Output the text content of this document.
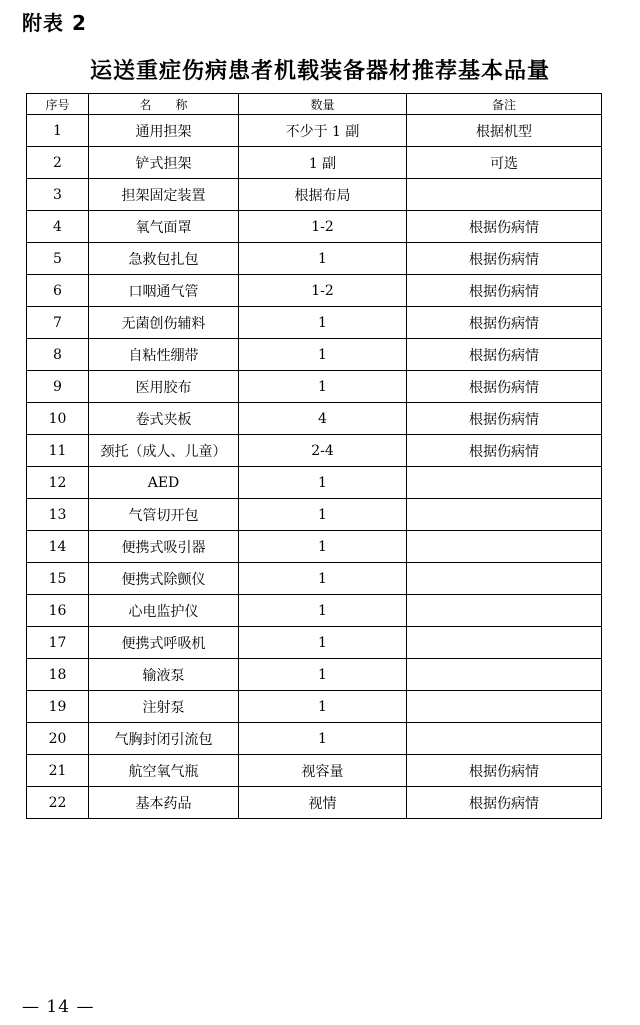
附表 2
运送重症伤病患者机载装备器材推荐基本品量
序号	名　　称	数量	备注
1	通用担架	不少于 1 副	根据机型
2	铲式担架	1 副	可选
3	担架固定装置	根据布局	
4	氧气面罩	1-2	根据伤病情
5	急救包扎包	1	根据伤病情
6	口咽通气管	1-2	根据伤病情
7	无菌创伤辅料	1	根据伤病情
8	自粘性绷带	1	根据伤病情
9	医用胶布	1	根据伤病情
10	卷式夹板	4	根据伤病情
11	颈托（成人、儿童）	2-4	根据伤病情
12	AED	1	
13	气管切开包	1	
14	便携式吸引器	1	
15	便携式除颤仪	1	
16	心电监护仪	1	
17	便携式呼吸机	1	
18	输液泵	1	
19	注射泵	1	
20	气胸封闭引流包	1	
21	航空氧气瓶	视容量	根据伤病情
22	基本药品	视情	根据伤病情
— 14 —
